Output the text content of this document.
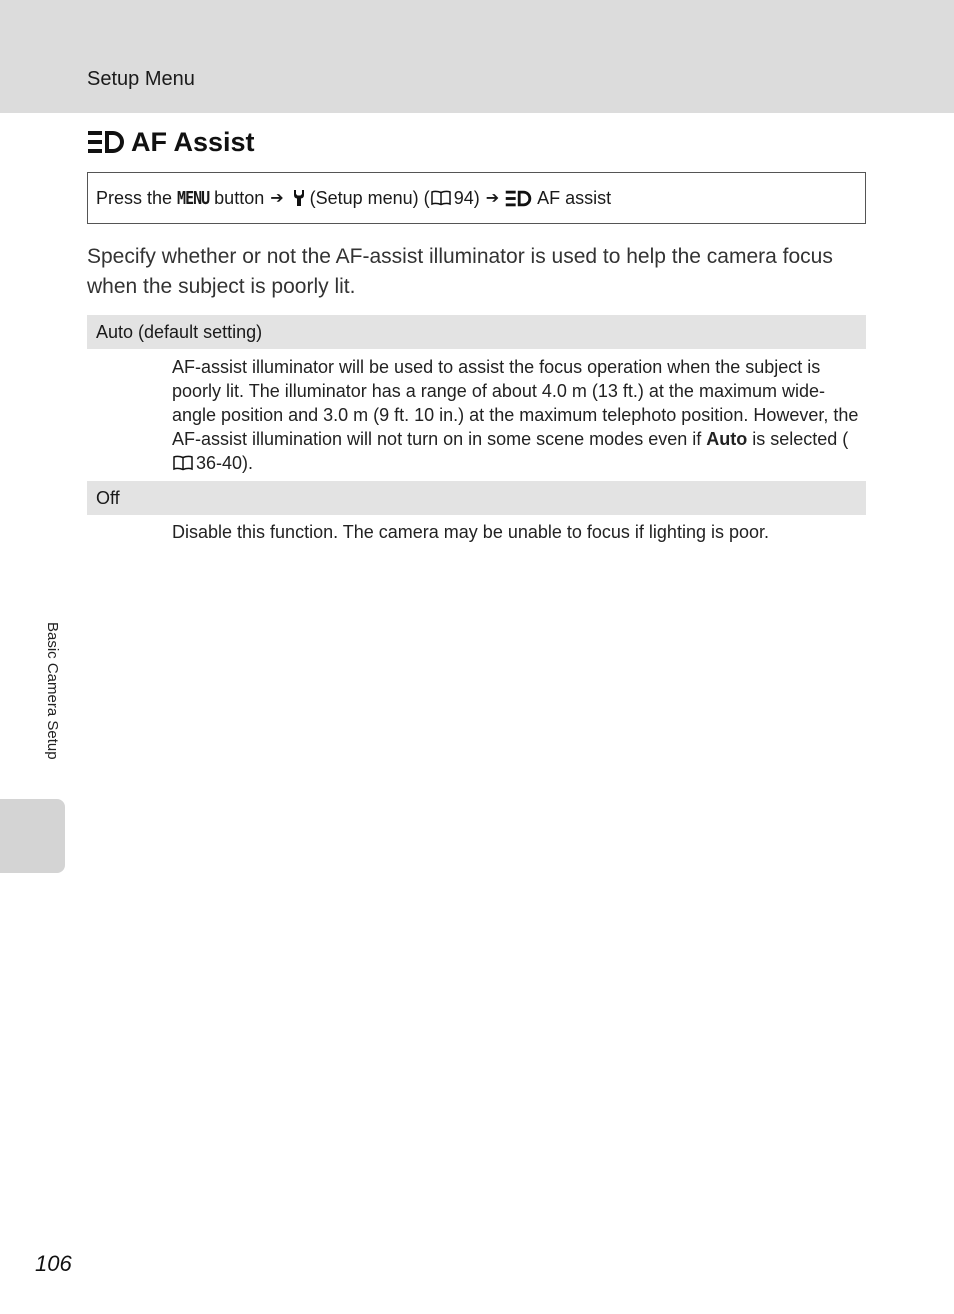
Setup Menu
AF Assist
Press the MENU button ➔ (Setup menu) ( 94) ➔ AF assist
Specify whether or not the AF-assist illuminator is used to help the camera focus when the subject is poorly lit.
Auto (default setting)
AF-assist illuminator will be used to assist the focus operation when the subject is poorly lit. The illuminator has a range of about 4.0 m (13 ft.) at the maximum wide-angle position and 3.0 m (9 ft. 10 in.) at the maximum telephoto position. However, the AF-assist illumination will not turn on in some scene modes even if Auto is selected (36-40).
Off
Disable this function. The camera may be unable to focus if lighting is poor.
Basic Camera Setup
106
